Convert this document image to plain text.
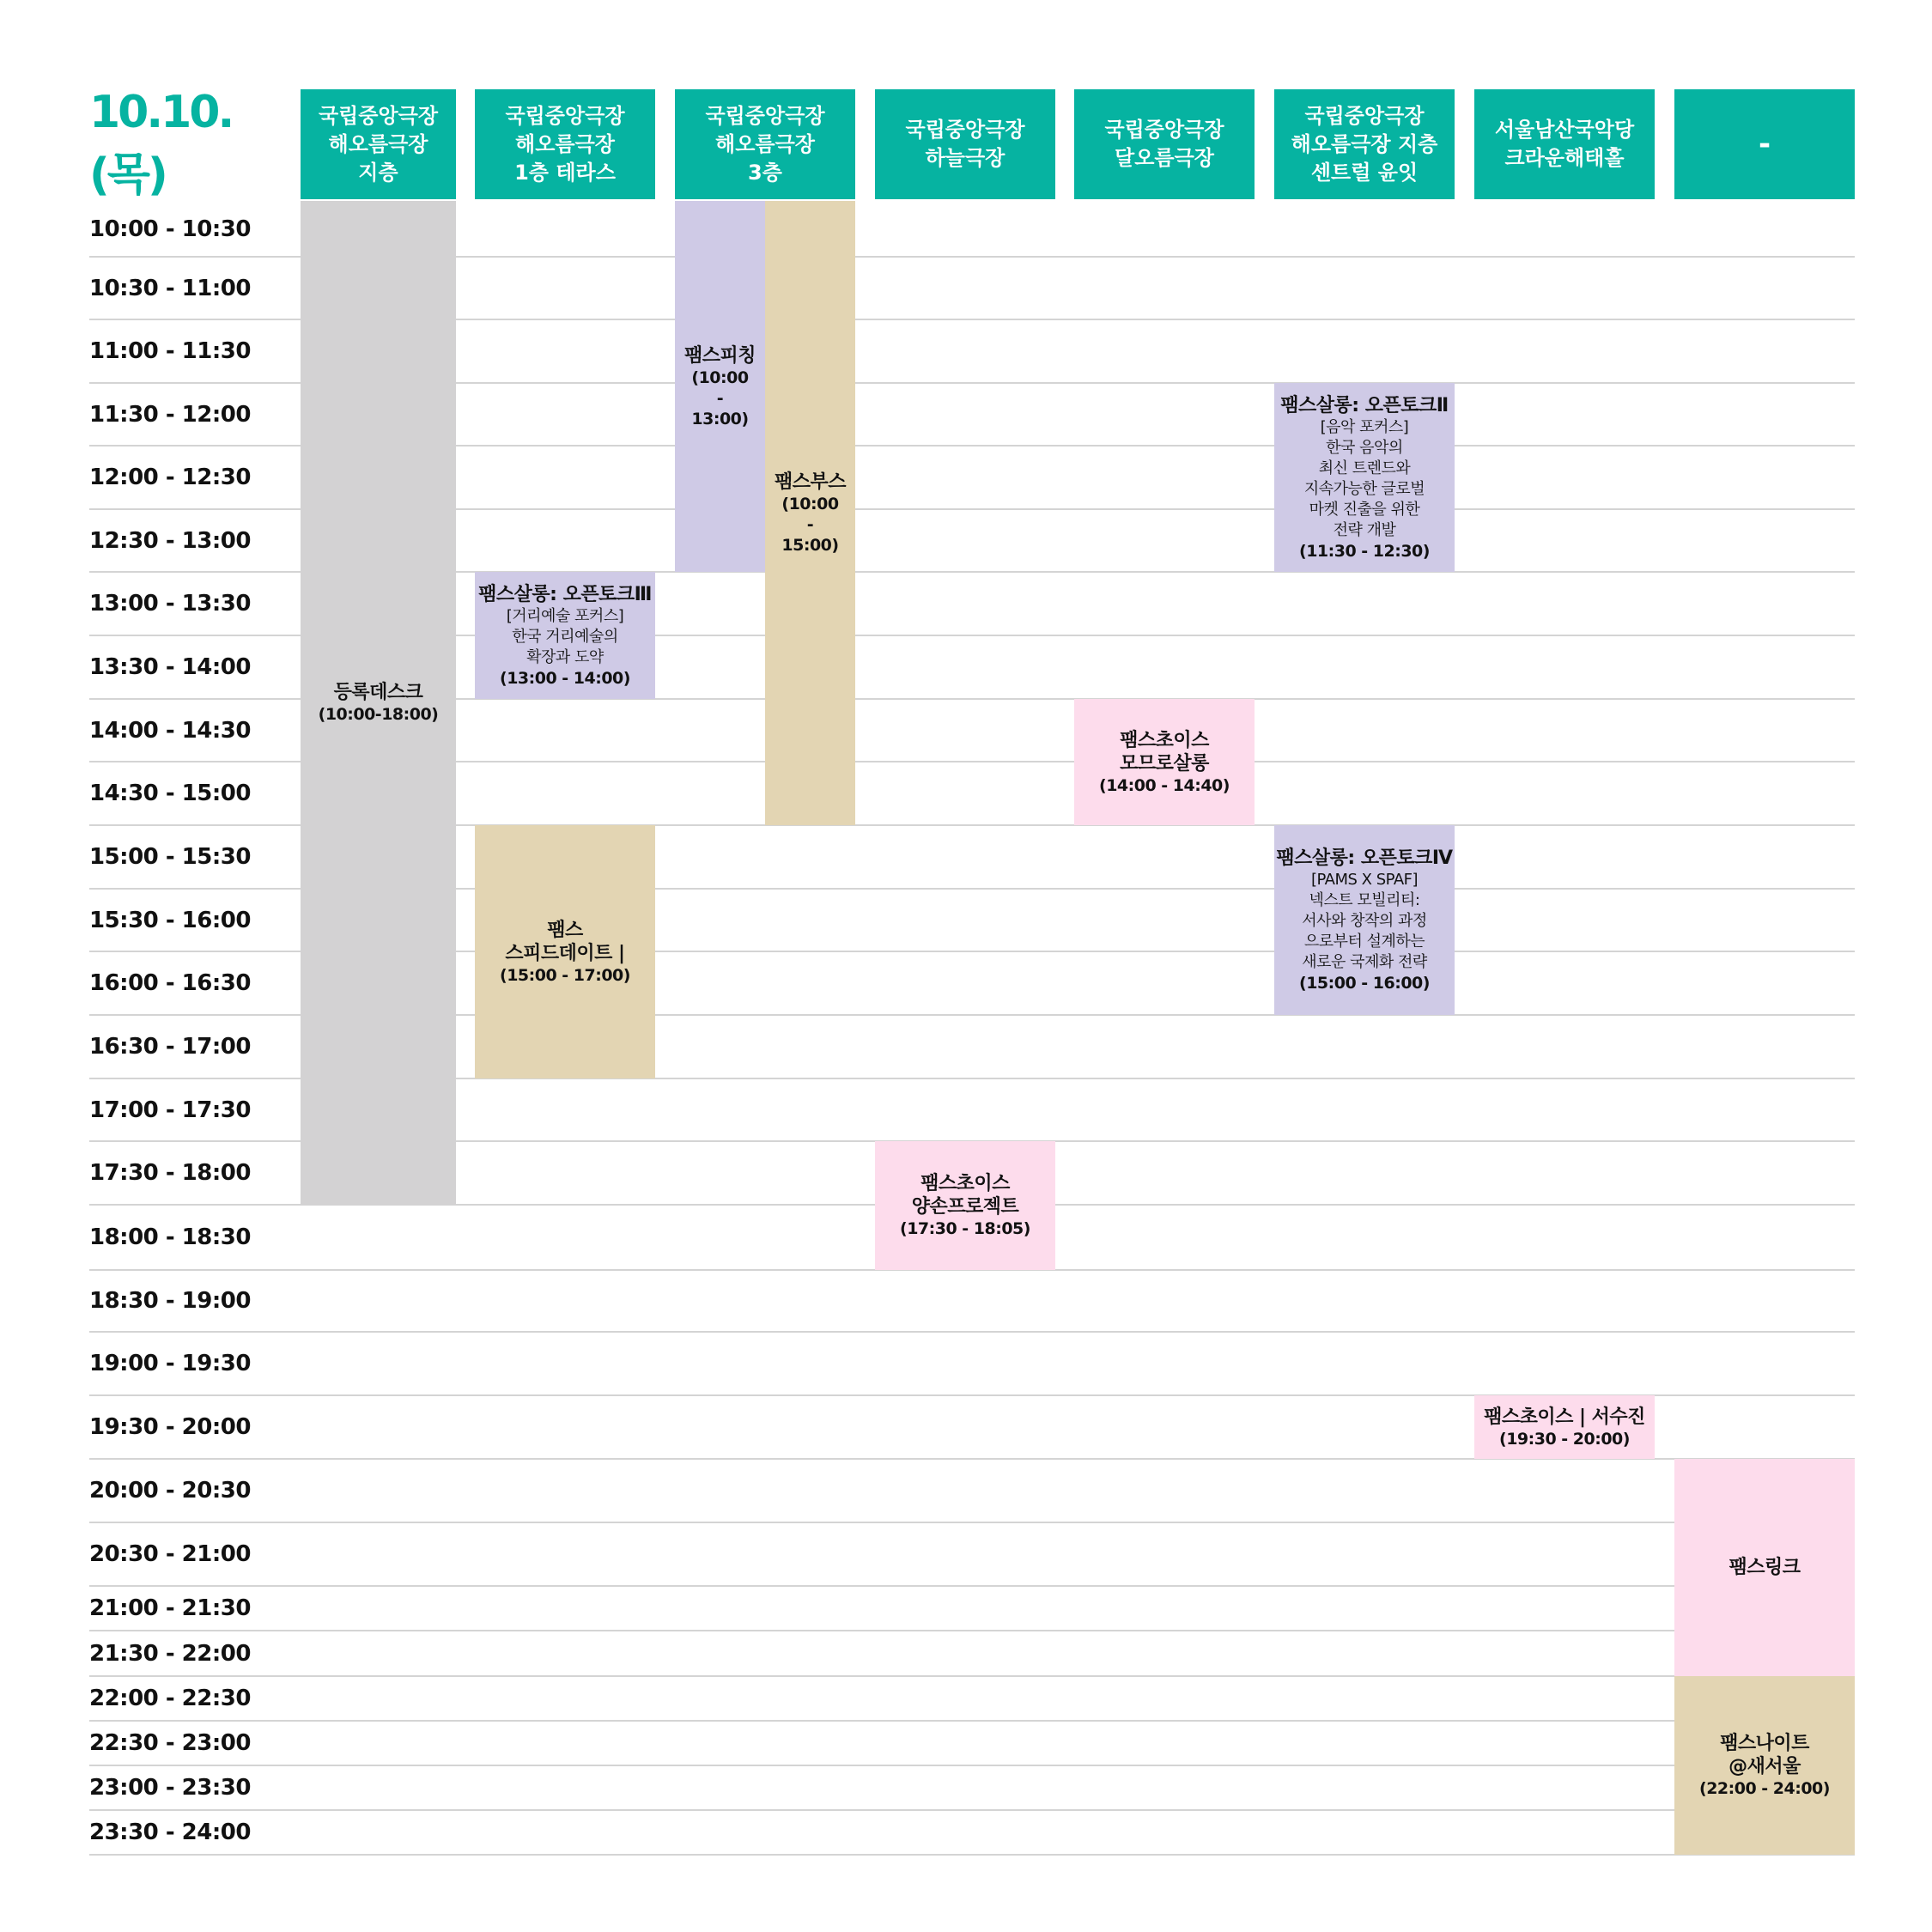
10.10.(목)
국립중앙극장
해오름극장
지층
국립중앙극장
해오름극장
1층 테라스
국립중앙극장
해오름극장
3층
국립중앙극장
하늘극장
국립중앙극장
달오름극장
국립중앙극장
해오름극장 지층
센트럴 윤잇
서울남산국악당
크라운해태홀	-
10:00 - 10:30
10:30 - 11:00
11:00 - 11:30
11:30 - 12:00
12:00 - 12:30
12:30 - 13:00
13:00 - 13:30
13:30 - 14:00
14:00 - 14:30
14:30 - 15:00
15:00 - 15:30
15:30 - 16:00
16:00 - 16:30
16:30 - 17:00
17:00 - 17:30
17:30 - 18:00
18:00 - 18:30
18:30 - 19:00
19:00 - 19:30
19:30 - 20:00
20:00 - 20:30
20:30 - 21:00
21:00 - 21:30
21:30 - 22:00
22:00 - 22:30
22:30 - 23:00
23:00 - 23:30
23:30 - 24:00
등록데스크
(10:00-18:00)
팸스살롱: 오픈토크Ⅲ
[거리예술 포커스]
한국 거리예술의
확장과 도약
(13:00 - 14:00)
팸스
스피드데이트 |
(15:00 - 17:00)
팸스피칭
(10:00
-
13:00)
팸스부스
(10:00
-
15:00)
팸스초이스
양손프로젝트
(17:30 - 18:05)
팸스초이스
모므로살롱
(14:00 - 14:40)
팸스살롱: 오픈토크Ⅱ
[음악 포커스]
한국 음악의
최신 트렌드와
지속가능한 글로벌
마켓 진출을 위한
전략 개발
(11:30 - 12:30)
팸스살롱: 오픈토크Ⅳ
[PAMS X SPAF]
넥스트 모빌리티:
서사와 창작의 과정
으로부터 설계하는
새로운 국제화 전략
(15:00 - 16:00)
팸스초이스 | 서수진
(19:30 - 20:00)
팸스링크
팸스나이트
@새서울
(22:00 - 24:00)
